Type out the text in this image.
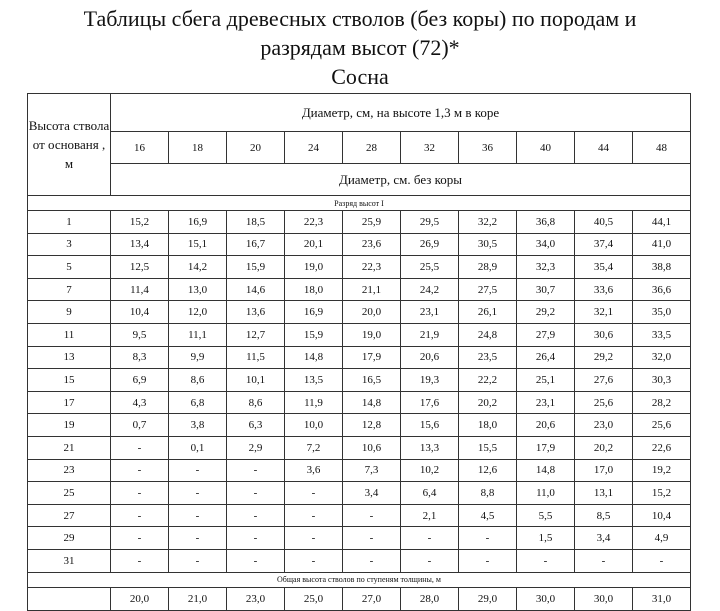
Таблицы сбега древесных стволов (без коры) по породам и
разрядам высот (72)*
Сосна
Высота ствола от основаня , м	Диаметр, см, на высоте 1,3 м в коре									
	16	18	20	24	28	32	36	40	44	48
	Диаметр, см. без коры									
Разряд высот I										
1	15,2	16,9	18,5	22,3	25,9	29,5	32,2	36,8	40,5	44,1
3	13,4	15,1	16,7	20,1	23,6	26,9	30,5	34,0	37,4	41,0
5	12,5	14,2	15,9	19,0	22,3	25,5	28,9	32,3	35,4	38,8
7	11,4	13,0	14,6	18,0	21,1	24,2	27,5	30,7	33,6	36,6
9	10,4	12,0	13,6	16,9	20,0	23,1	26,1	29,2	32,1	35,0
11	9,5	11,1	12,7	15,9	19,0	21,9	24,8	27,9	30,6	33,5
13	8,3	9,9	11,5	14,8	17,9	20,6	23,5	26,4	29,2	32,0
15	6,9	8,6	10,1	13,5	16,5	19,3	22,2	25,1	27,6	30,3
17	4,3	6,8	8,6	11,9	14,8	17,6	20,2	23,1	25,6	28,2
19	0,7	3,8	6,3	10,0	12,8	15,6	18,0	20,6	23,0	25,6
21	-	0,1	2,9	7,2	10,6	13,3	15,5	17,9	20,2	22,6
23	-	-	-	3,6	7,3	10,2	12,6	14,8	17,0	19,2
25	-	-	-	-	3,4	6,4	8,8	11,0	13,1	15,2
27	-	-	-	-	-	2,1	4,5	5,5	8,5	10,4
29	-	-	-	-	-	-	-	1,5	3,4	4,9
31	-	-	-	-	-	-	-	-	-	-
Общая высота стволов по ступеням толщины, м										
	20,0	21,0	23,0	25,0	27,0	28,0	29,0	30,0	30,0	31,0
